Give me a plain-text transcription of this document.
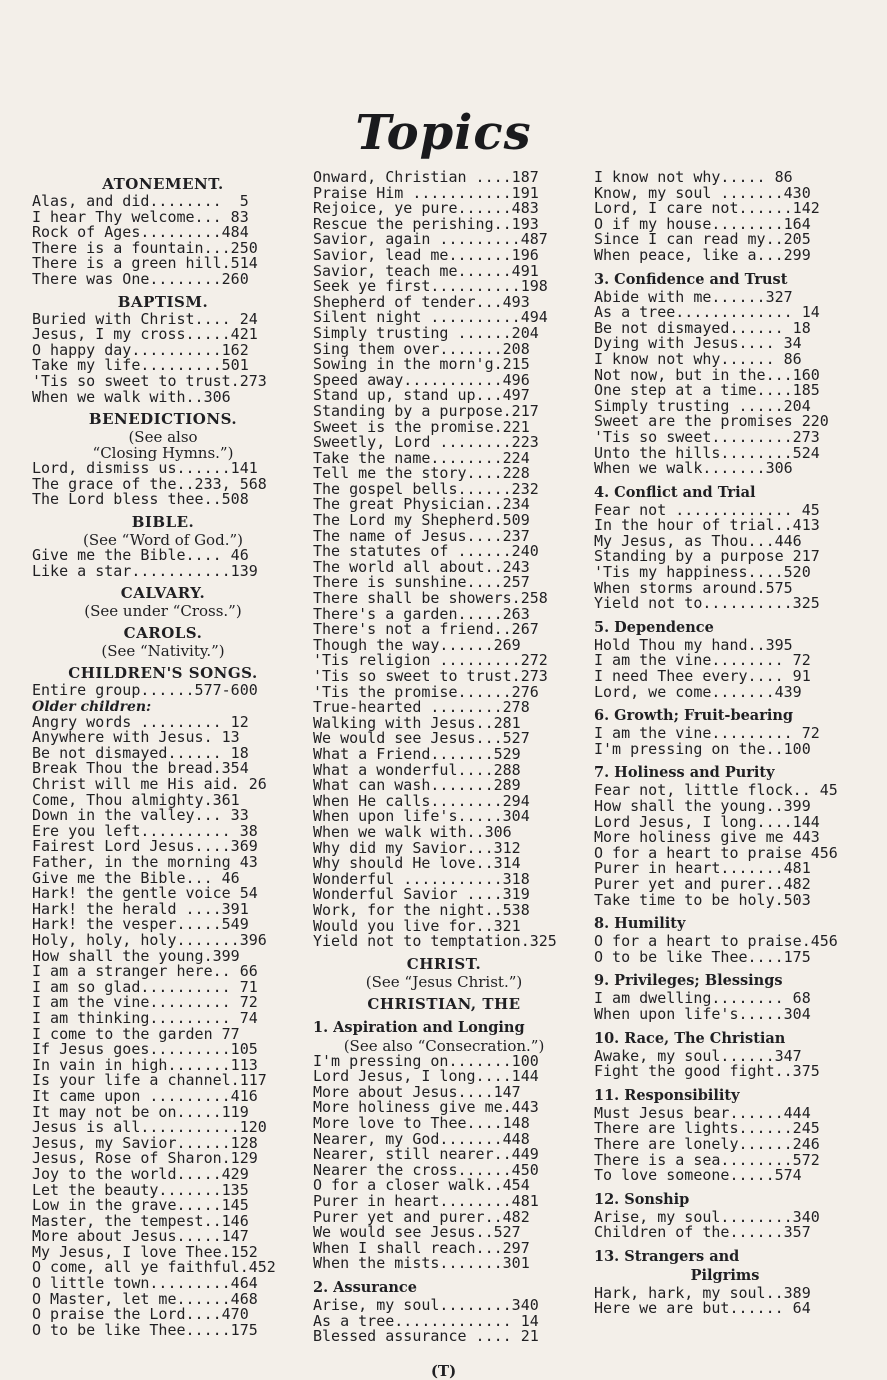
Topics
ATONEMENT.
Alas, and did........  5
I hear Thy welcome... 83
Rock of Ages.........484
There is a fountain...250
There is a green hill.514
There was One........260
BAPTISM.
Buried with Christ.... 24
Jesus, I my cross.....421
O happy day..........162
Take my life.........501
'Tis so sweet to trust.273
When we walk with..306
BENEDICTIONS.
(See also
“Closing Hymns.”)
Lord, dismiss us......141
The grace of the..233, 568
The Lord bless thee..508
BIBLE.
(See “Word of God.”)
Give me the Bible.... 46
Like a star...........139
CALVARY.
(See under “Cross.”)
CAROLS.
(See “Nativity.”)
CHILDREN'S SONGS.
Entire group......577-600
Older children:
Angry words ......... 12
Anywhere with Jesus. 13
Be not dismayed...... 18
Break Thou the bread.354
Christ will me His aid. 26
Come, Thou almighty.361
Down in the valley... 33
Ere you left.......... 38
Fairest Lord Jesus....369
Father, in the morning 43
Give me the Bible... 46
Hark! the gentle voice 54
Hark! the herald ....391
Hark! the vesper.....549
Holy, holy, holy.......396
How shall the young.399
I am a stranger here.. 66
I am so glad.......... 71
I am the vine......... 72
I am thinking......... 74
I come to the garden 77
If Jesus goes.........105
In vain in high.......113
Is your life a channel.117
It came upon .........416
It may not be on.....119
Jesus is all...........120
Jesus, my Savior......128
Jesus, Rose of Sharon.129
Joy to the world.....429
Let the beauty.......135
Low in the grave.....145
Master, the tempest..146
More about Jesus.....147
My Jesus, I love Thee.152
O come, all ye faithful.452
O little town.........464
O Master, let me......468
O praise the Lord....470
O to be like Thee.....175
Onward, Christian ....187
Praise Him ...........191
Rejoice, ye pure......483
Rescue the perishing..193
Savior, again .........487
Savior, lead me.......196
Savior, teach me......491
Seek ye first..........198
Shepherd of tender...493
Silent night ..........494
Simply trusting ......204
Sing them over.......208
Sowing in the morn'g.215
Speed away...........496
Stand up, stand up...497
Standing by a purpose.217
Sweet is the promise.221
Sweetly, Lord ........223
Take the name........224
Tell me the story....228
The gospel bells......232
The great Physician..234
The Lord my Shepherd.509
The name of Jesus....237
The statutes of ......240
The world all about..243
There is sunshine....257
There shall be showers.258
There's a garden.....263
There's not a friend..267
Though the way......269
'Tis religion .........272
'Tis so sweet to trust.273
'Tis the promise......276
True-hearted ........278
Walking with Jesus..281
We would see Jesus...527
What a Friend.......529
What a wonderful....288
What can wash.......289
When He calls........294
When upon life's.....304
When we walk with..306
Why did my Savior...312
Why should He love..314
Wonderful ...........318
Wonderful Savior ....319
Work, for the night..538
Would you live for..321
Yield not to temptation.325
CHRIST.
(See “Jesus Christ.”)
CHRISTIAN, THE
1. Aspiration and Longing
(See also “Consecration.”)
I'm pressing on.......100
Lord Jesus, I long....144
More about Jesus....147
More holiness give me.443
More love to Thee....148
Nearer, my God.......448
Nearer, still nearer..449
Nearer the cross......450
O for a closer walk..454
Purer in heart........481
Purer yet and purer..482
We would see Jesus..527
When I shall reach...297
When the mists.......301
2. Assurance
Arise, my soul........340
As a tree............. 14
Blessed assurance .... 21
I know not why..... 86
Know, my soul .......430
Lord, I care not......142
O if my house........164
Since I can read my..205
When peace, like a...299
3. Confidence and Trust
Abide with me......327
As a tree............. 14
Be not dismayed...... 18
Dying with Jesus.... 34
I know not why...... 86
Not now, but in the...160
One step at a time....185
Simply trusting .....204
Sweet are the promises 220
'Tis so sweet.........273
Unto the hills........524
When we walk.......306
4. Conflict and Trial
Fear not ............. 45
In the hour of trial..413
My Jesus, as Thou...446
Standing by a purpose 217
'Tis my happiness....520
When storms around.575
Yield not to..........325
5. Dependence
Hold Thou my hand..395
I am the vine........ 72
I need Thee every.... 91
Lord, we come.......439
6. Growth; Fruit-bearing
I am the vine......... 72
I'm pressing on the..100
7. Holiness and Purity
Fear not, little flock.. 45
How shall the young..399
Lord Jesus, I long....144
More holiness give me 443
O for a heart to praise 456
Purer in heart.......481
Purer yet and purer..482
Take time to be holy.503
8. Humility
O for a heart to praise.456
O to be like Thee....175
9. Privileges; Blessings
I am dwelling........ 68
When upon life's.....304
10. Race, The Christian
Awake, my soul......347
Fight the good fight..375
11. Responsibility
Must Jesus bear......444
There are lights......245
There are lonely......246
There is a sea........572
To love someone.....574
12. Sonship
Arise, my soul........340
Children of the......357
13. Strangers and
Pilgrims
Hark, hark, my soul..389
Here we are but...... 64
(T)
